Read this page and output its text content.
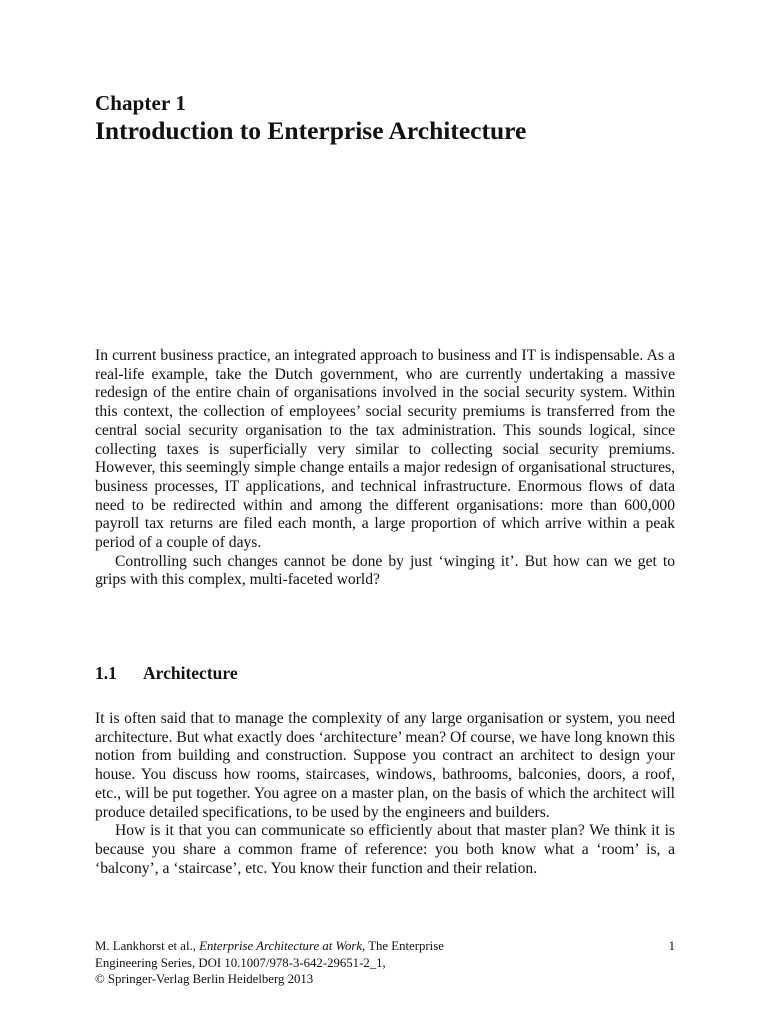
Chapter 1
Introduction to Enterprise Architecture

In current business practice, an integrated approach to business and IT is indispensable. As a real-life example, take the Dutch government, who are currently undertaking a massive redesign of the entire chain of organisations involved in the social security system. Within this context, the collection of employees’ social security premiums is transferred from the central social security organisation to the tax administration. This sounds logical, since collecting taxes is superficially very similar to collecting social security premiums. However, this seemingly simple change entails a major redesign of organisational structures, business processes, IT applications, and technical infrastructure. Enormous flows of data need to be redirected within and among the different organisations: more than 600,000 payroll tax returns are filed each month, a large proportion of which arrive within a peak period of a couple of days.

Controlling such changes cannot be done by just ‘winging it’. But how can we get to grips with this complex, multi-faceted world?

1.1 Architecture

It is often said that to manage the complexity of any large organisation or system, you need architecture. But what exactly does ‘architecture’ mean? Of course, we have long known this notion from building and construction. Suppose you contract an architect to design your house. You discuss how rooms, staircases, windows, bathrooms, balconies, doors, a roof, etc., will be put together. You agree on a master plan, on the basis of which the architect will produce detailed specifications, to be used by the engineers and builders.

How is it that you can communicate so efficiently about that master plan? We think it is because you share a common frame of reference: you both know what a ‘room’ is, a ‘balcony’, a ‘staircase’, etc. You know their function and their relation.

M. Lankhorst et al., Enterprise Architecture at Work, The Enterprise
Engineering Series, DOI 10.1007/978-3-642-29651-2_1,
© Springer-Verlag Berlin Heidelberg 2013
1
